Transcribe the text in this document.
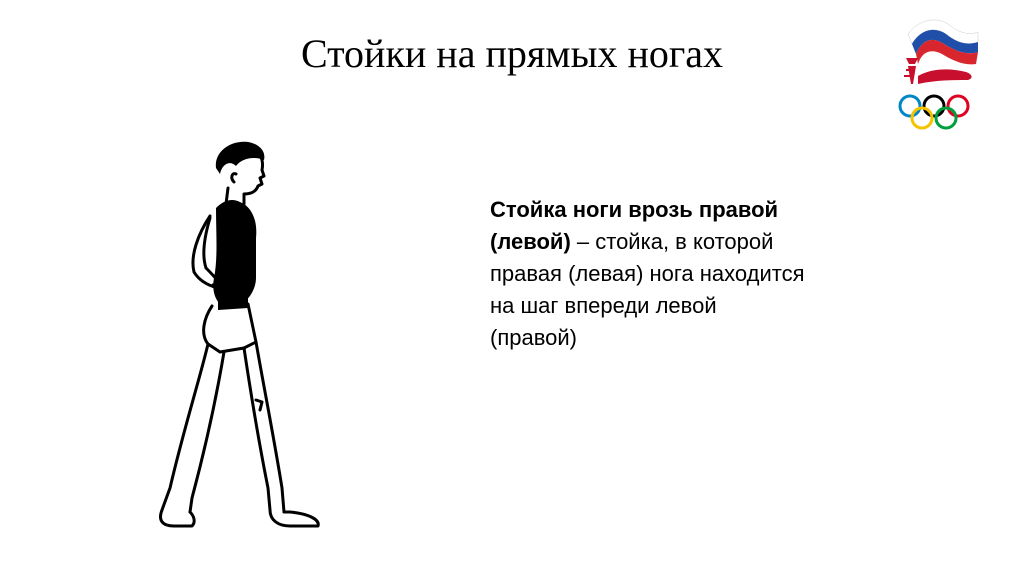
Стойки на прямых ногах
Стойка ноги врозь правой
(левой) – стойка, в которой
правая (левая) нога находится
на шаг впереди левой
(правой)
